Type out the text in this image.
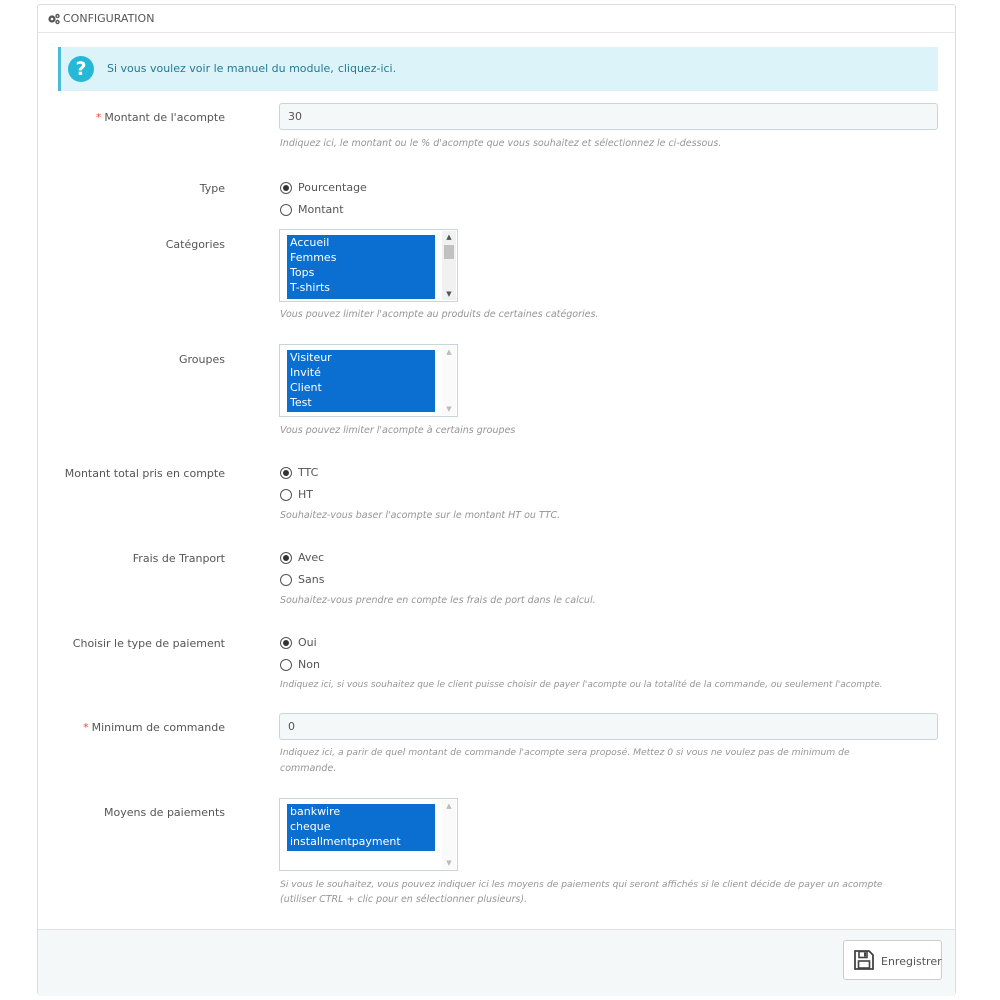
CONFIGURATION
?	Si vous voulez voir le manuel du module, cliquez-ici.
* Montant de l'acompte	30
Indiquez ici, le montant ou le % d'acompte que vous souhaitez et sélectionnez le ci-dessous.
Type	Pourcentage
Montant
Catégories	Accueil
Femmes
Tops
T-shirts
▲
▼
Vous pouvez limiter l'acompte au produits de certaines catégories.
Groupes	Visiteur
Invité
Client
Test
▲
▼
Vous pouvez limiter l'acompte à certains groupes
Montant total pris en compte	TTC
HT
Souhaitez-vous baser l'acompte sur le montant HT ou TTC.
Frais de Tranport	Avec
Sans
Souhaitez-vous prendre en compte les frais de port dans le calcul.
Choisir le type de paiement	Oui
Non
Indiquez ici, si vous souhaitez que le client puisse choisir de payer l'acompte ou la totalité de la commande, ou seulement l'acompte.
* Minimum de commande	0
Indiquez ici, a parir de quel montant de commande l'acompte sera proposé. Mettez 0 si vous ne voulez pas de minimum de
commande.
Moyens de paiements	bankwire
cheque
installmentpayment
▲
▼
Si vous le souhaitez, vous pouvez indiquer ici les moyens de paiements qui seront affichés si le client décide de payer un acompte
(utiliser CTRL + clic pour en sélectionner plusieurs).
Enregistrer
